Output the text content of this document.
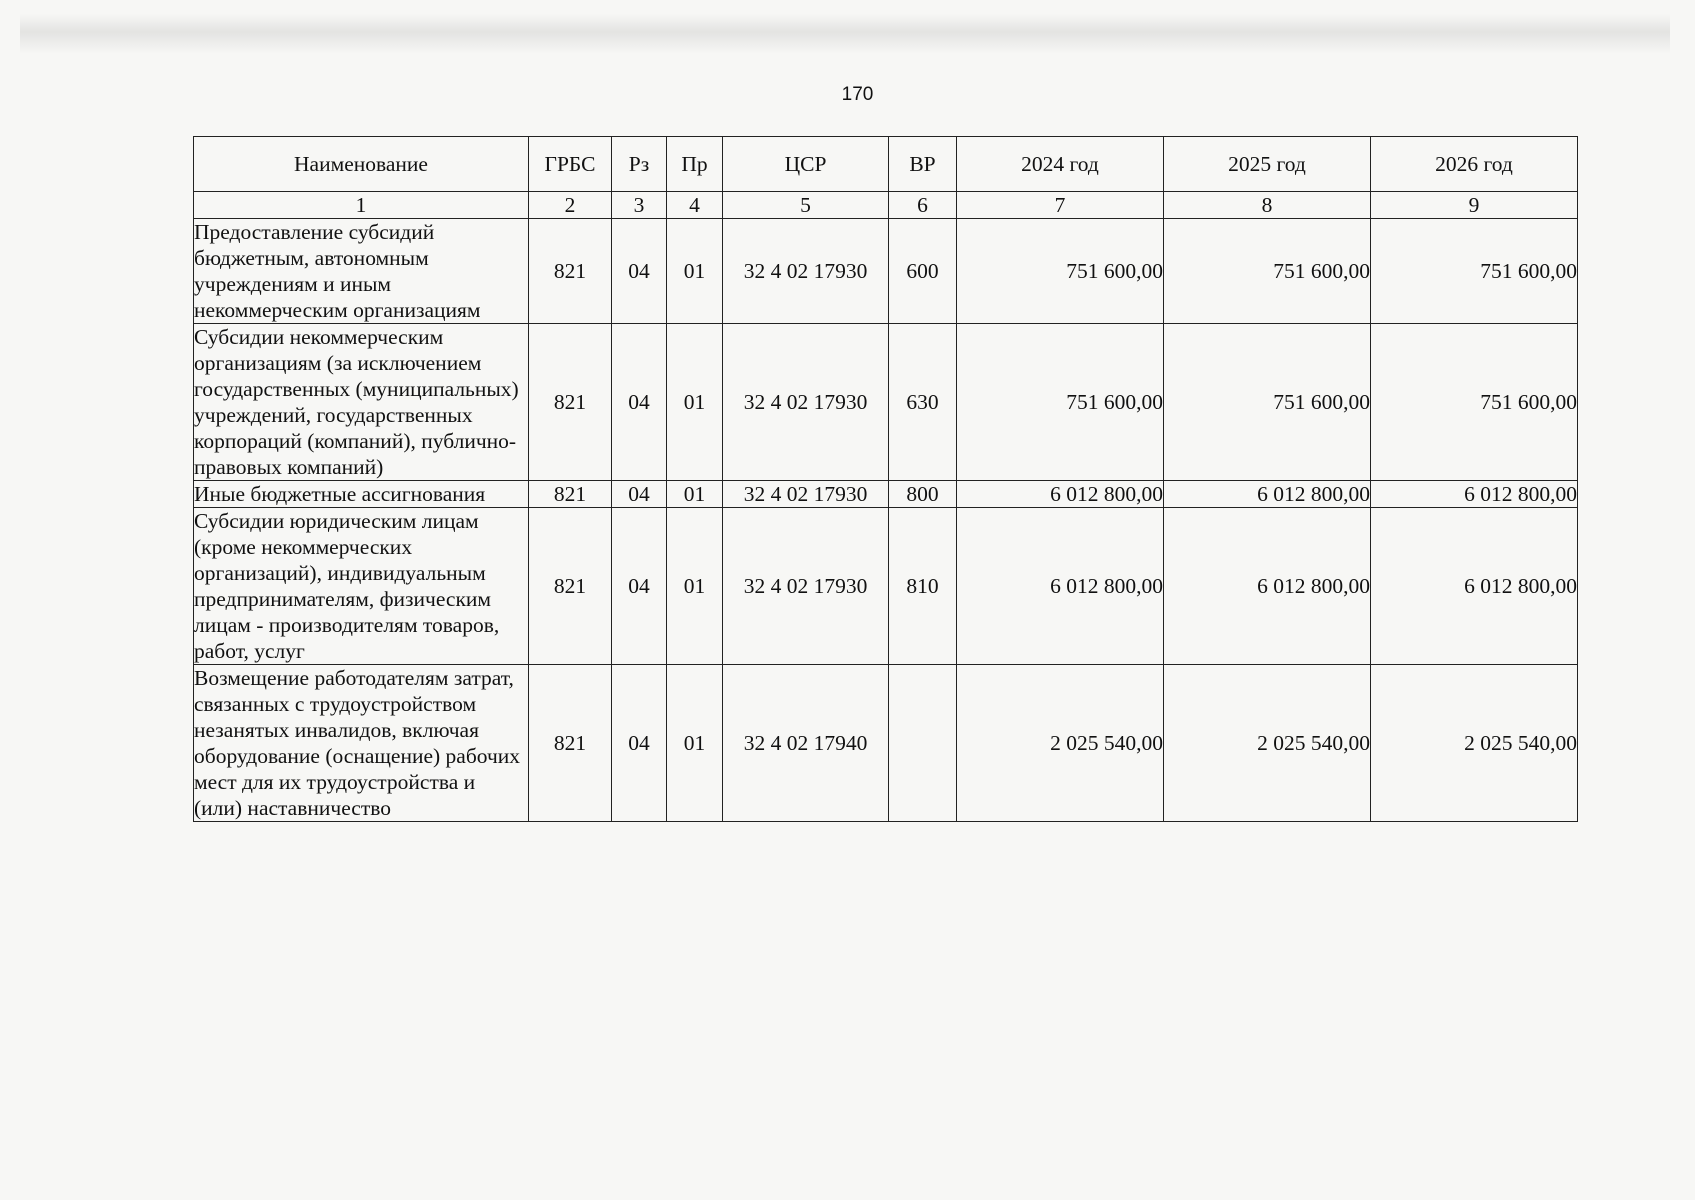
170
Наименование	ГРБС	Рз	Пр	ЦСР	ВР	2024 год	2025 год	2026 год
1	2	3	4	5	6	7	8	9
Предоставление субсидий бюджетным, автономным учреждениям и иным некоммерческим организациям	821	04	01	32 4 02 17930	600	751 600,00	751 600,00	751 600,00
Субсидии некоммерческим организациям (за исключением государственных (муниципальных) учреждений, государственных корпораций (компаний), публично-правовых компаний)	821	04	01	32 4 02 17930	630	751 600,00	751 600,00	751 600,00
Иные бюджетные ассигнования	821	04	01	32 4 02 17930	800	6 012 800,00	6 012 800,00	6 012 800,00
Субсидии юридическим лицам (кроме некоммерческих организаций), индивидуальным предпринимателям, физическим лицам - производителям товаров, работ, услуг	821	04	01	32 4 02 17930	810	6 012 800,00	6 012 800,00	6 012 800,00
Возмещение работодателям затрат, связанных с трудоустройством незанятых инвалидов, включая оборудование (оснащение) рабочих мест для их трудоустройства и (или) наставничество	821	04	01	32 4 02 17940		2 025 540,00	2 025 540,00	2 025 540,00
